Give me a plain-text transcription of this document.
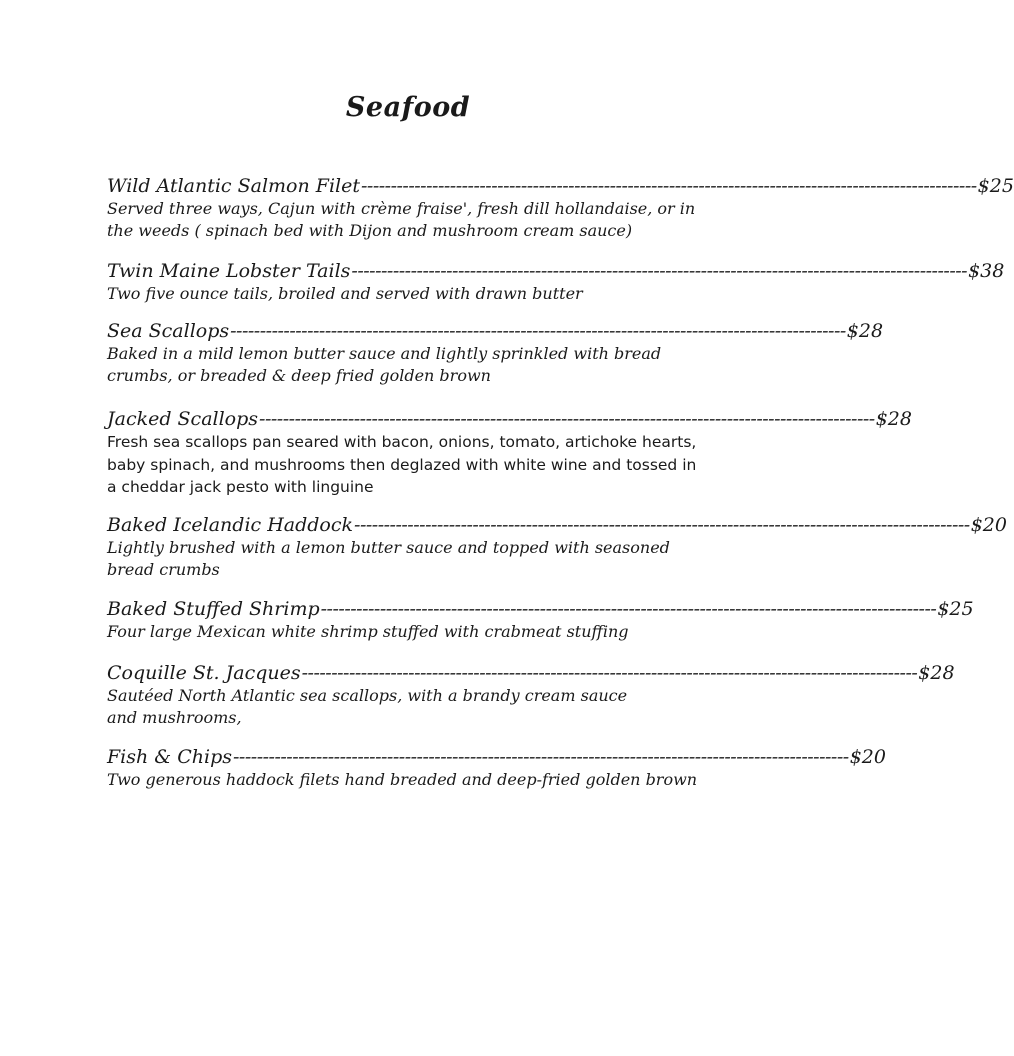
Seafood
Wild Atlantic Salmon Filet -------------------------------------------------------------------------------------------------------- $25

Served three ways, Cajun with crème fraise', fresh dill hollandaise, or in the weeds ( spinach bed with Dijon and mushroom cream sauce)

Twin Maine Lobster Tails -------------------------------------------------------------------------------------------------------- $38

Two five ounce tails, broiled and served with drawn butter

Sea Scallops -------------------------------------------------------------------------------------------------------- $28

Baked in a mild lemon butter sauce and lightly sprinkled with bread crumbs, or breaded & deep fried golden brown

Jacked Scallops -------------------------------------------------------------------------------------------------------- $28

Fresh sea scallops pan seared with bacon, onions, tomato, artichoke hearts, baby spinach, and mushrooms then deglazed with white wine and tossed in a cheddar jack pesto with linguine

Baked Icelandic Haddock -------------------------------------------------------------------------------------------------------- $20

Lightly brushed with a lemon butter sauce and topped with seasoned bread crumbs

Baked Stuffed Shrimp -------------------------------------------------------------------------------------------------------- $25

Four large Mexican white shrimp stuffed with crabmeat stuffing

Coquille St. Jacques -------------------------------------------------------------------------------------------------------- $28

Sautéed North Atlantic sea scallops, with a brandy cream sauce
and mushrooms,

Fish & Chips -------------------------------------------------------------------------------------------------------- $20

Two generous haddock filets hand breaded and deep-fried golden brown
